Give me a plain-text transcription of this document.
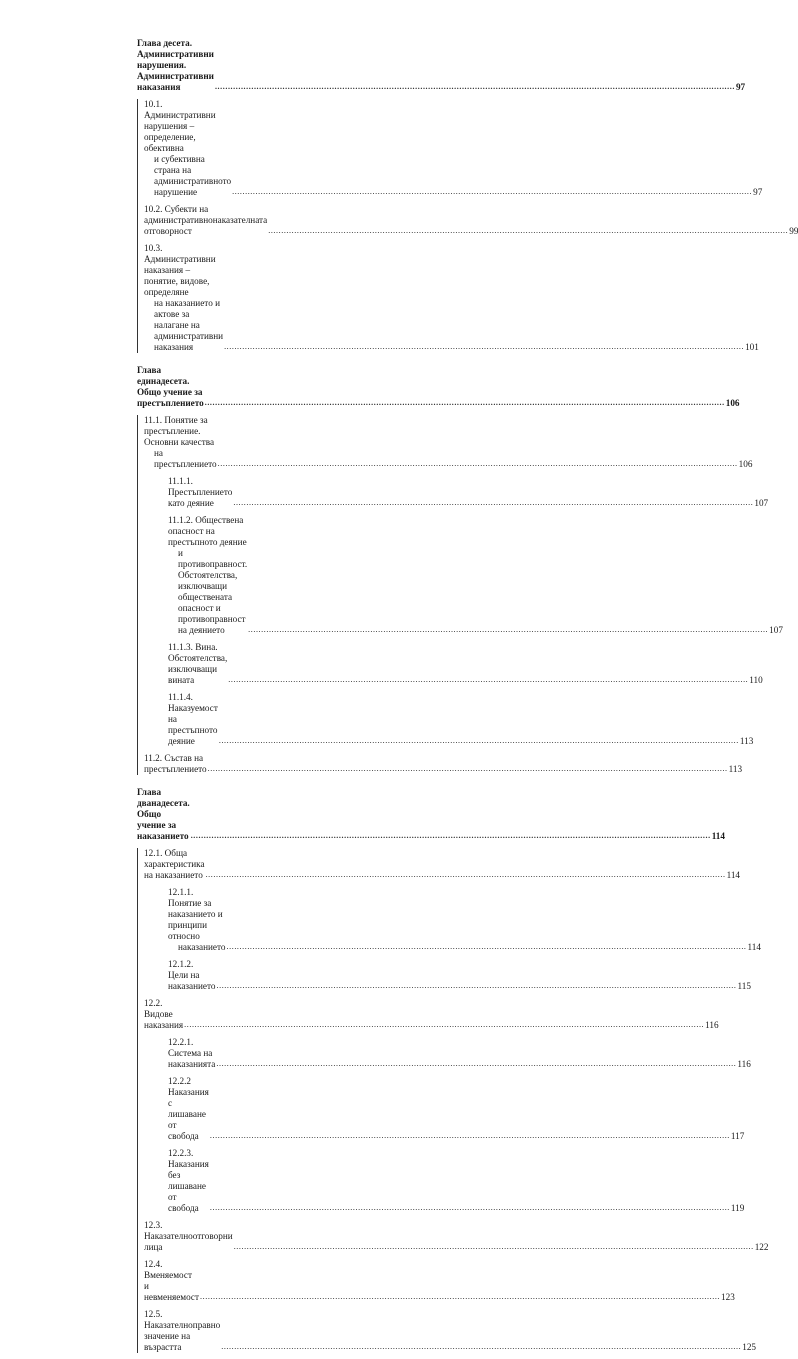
Глава десета. Административни нарушения.
Административни наказания	........................................................................................................................................................................................................ 97
10.1. Административни нарушения – определение, обективна
и субективна страна на административното нарушение	........................................................................................................................................................................................................ 97
10.2. Субекти на административнонаказателната отговорност	........................................................................................................................................................................................................ 99
10.3. Административни наказания – понятие, видове, определяне
на наказанието и актове за налагане на административни
наказания	........................................................................................................................................................................................................ 101
Глава единадесета. Общо учение за престъплението ........................................................................................................................................................................................................ 106
11.1. Понятие за престъпление. Основни качества
на престъплението ........................................................................................................................................................................................................ 106
11.1.1. Престъплението като деяние	........................................................................................................................................................................................................ 107
11.1.2. Обществена опасност на престъпното деяние
и противоправност. Обстоятелства, изключващи
обществената опасност и противоправност на деянието	........................................................................................................................................................................................................ 107
11.1.3. Вина. Обстоятелства, изключващи вината	........................................................................................................................................................................................................ 110
11.1.4. Наказуемост на престъпното деяние	........................................................................................................................................................................................................ 113
11.2. Състав на престъплението ........................................................................................................................................................................................................ 113
Глава дванадесета. Общо учение за наказанието ........................................................................................................................................................................................................ 114
12.1. Обща характеристика на наказанието ........................................................................................................................................................................................................ 114
12.1.1. Понятие за наказанието и принципи относно
наказанието ........................................................................................................................................................................................................ 114
12.1.2. Цели на наказанието ........................................................................................................................................................................................................ 115
12.2. Видове наказания ........................................................................................................................................................................................................ 116
12.2.1. Система на наказанията ........................................................................................................................................................................................................ 116
12.2.2 Наказания с лишаване от свобода	........................................................................................................................................................................................................ 117
12.2.3. Наказания без лишаване от свобода	........................................................................................................................................................................................................ 119
12.3. Наказателноотговорни лица	........................................................................................................................................................................................................ 122
12.4. Вменяемост и невменяемост ........................................................................................................................................................................................................ 123
12.5. Наказателноправно значение на възрастта	........................................................................................................................................................................................................ 125
